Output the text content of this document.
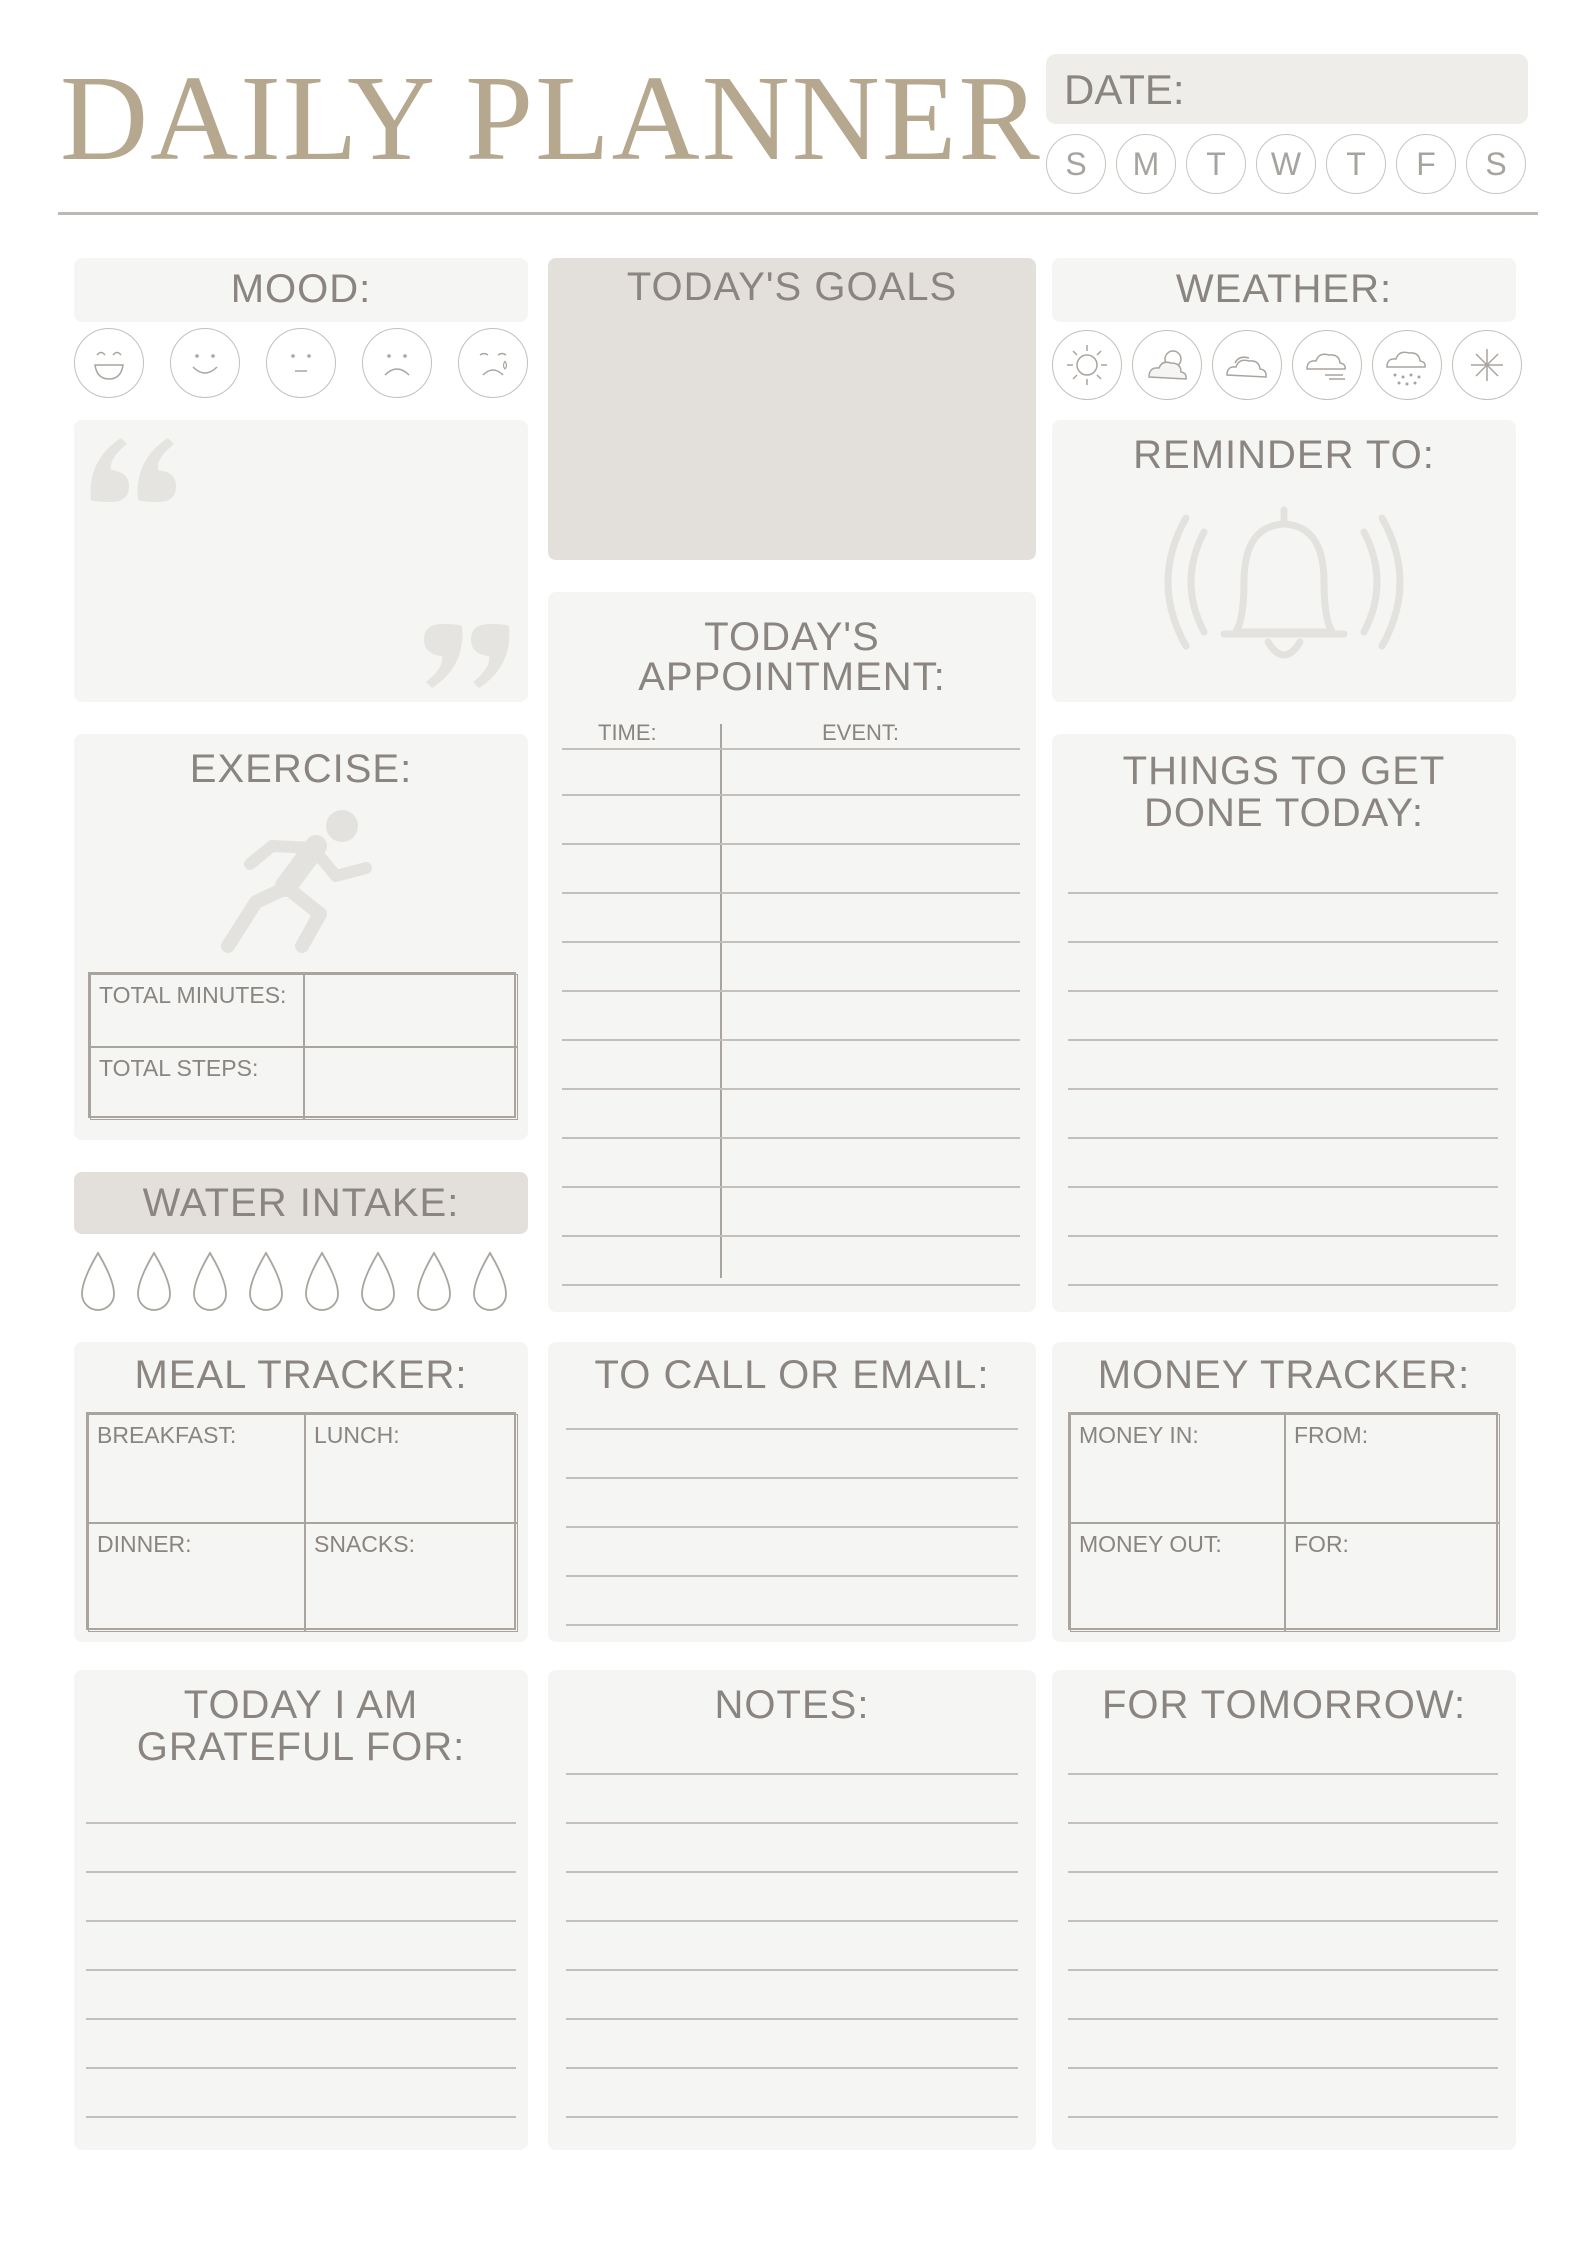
DAILY PLANNER DATE:
S	M	T	W	T	F	S
MOOD:	TODAY'S GOALS	WEATHER:
REMINDER TO:
TODAY'S
APPOINTMENT:
TIME:	EVENT:
EXERCISE:
TOTAL MINUTES:
TOTAL STEPS:
THINGS TO GET
DONE TODAY:
WATER INTAKE:
MEAL TRACKER:
BREAKFAST:	LUNCH:
DINNER:	SNACKS:
TO CALL OR EMAIL:	MONEY TRACKER:
MONEY IN:	FROM:
MONEY OUT:	FOR:
TODAY I AM
GRATEFUL FOR:
NOTES:	FOR TOMORROW:
